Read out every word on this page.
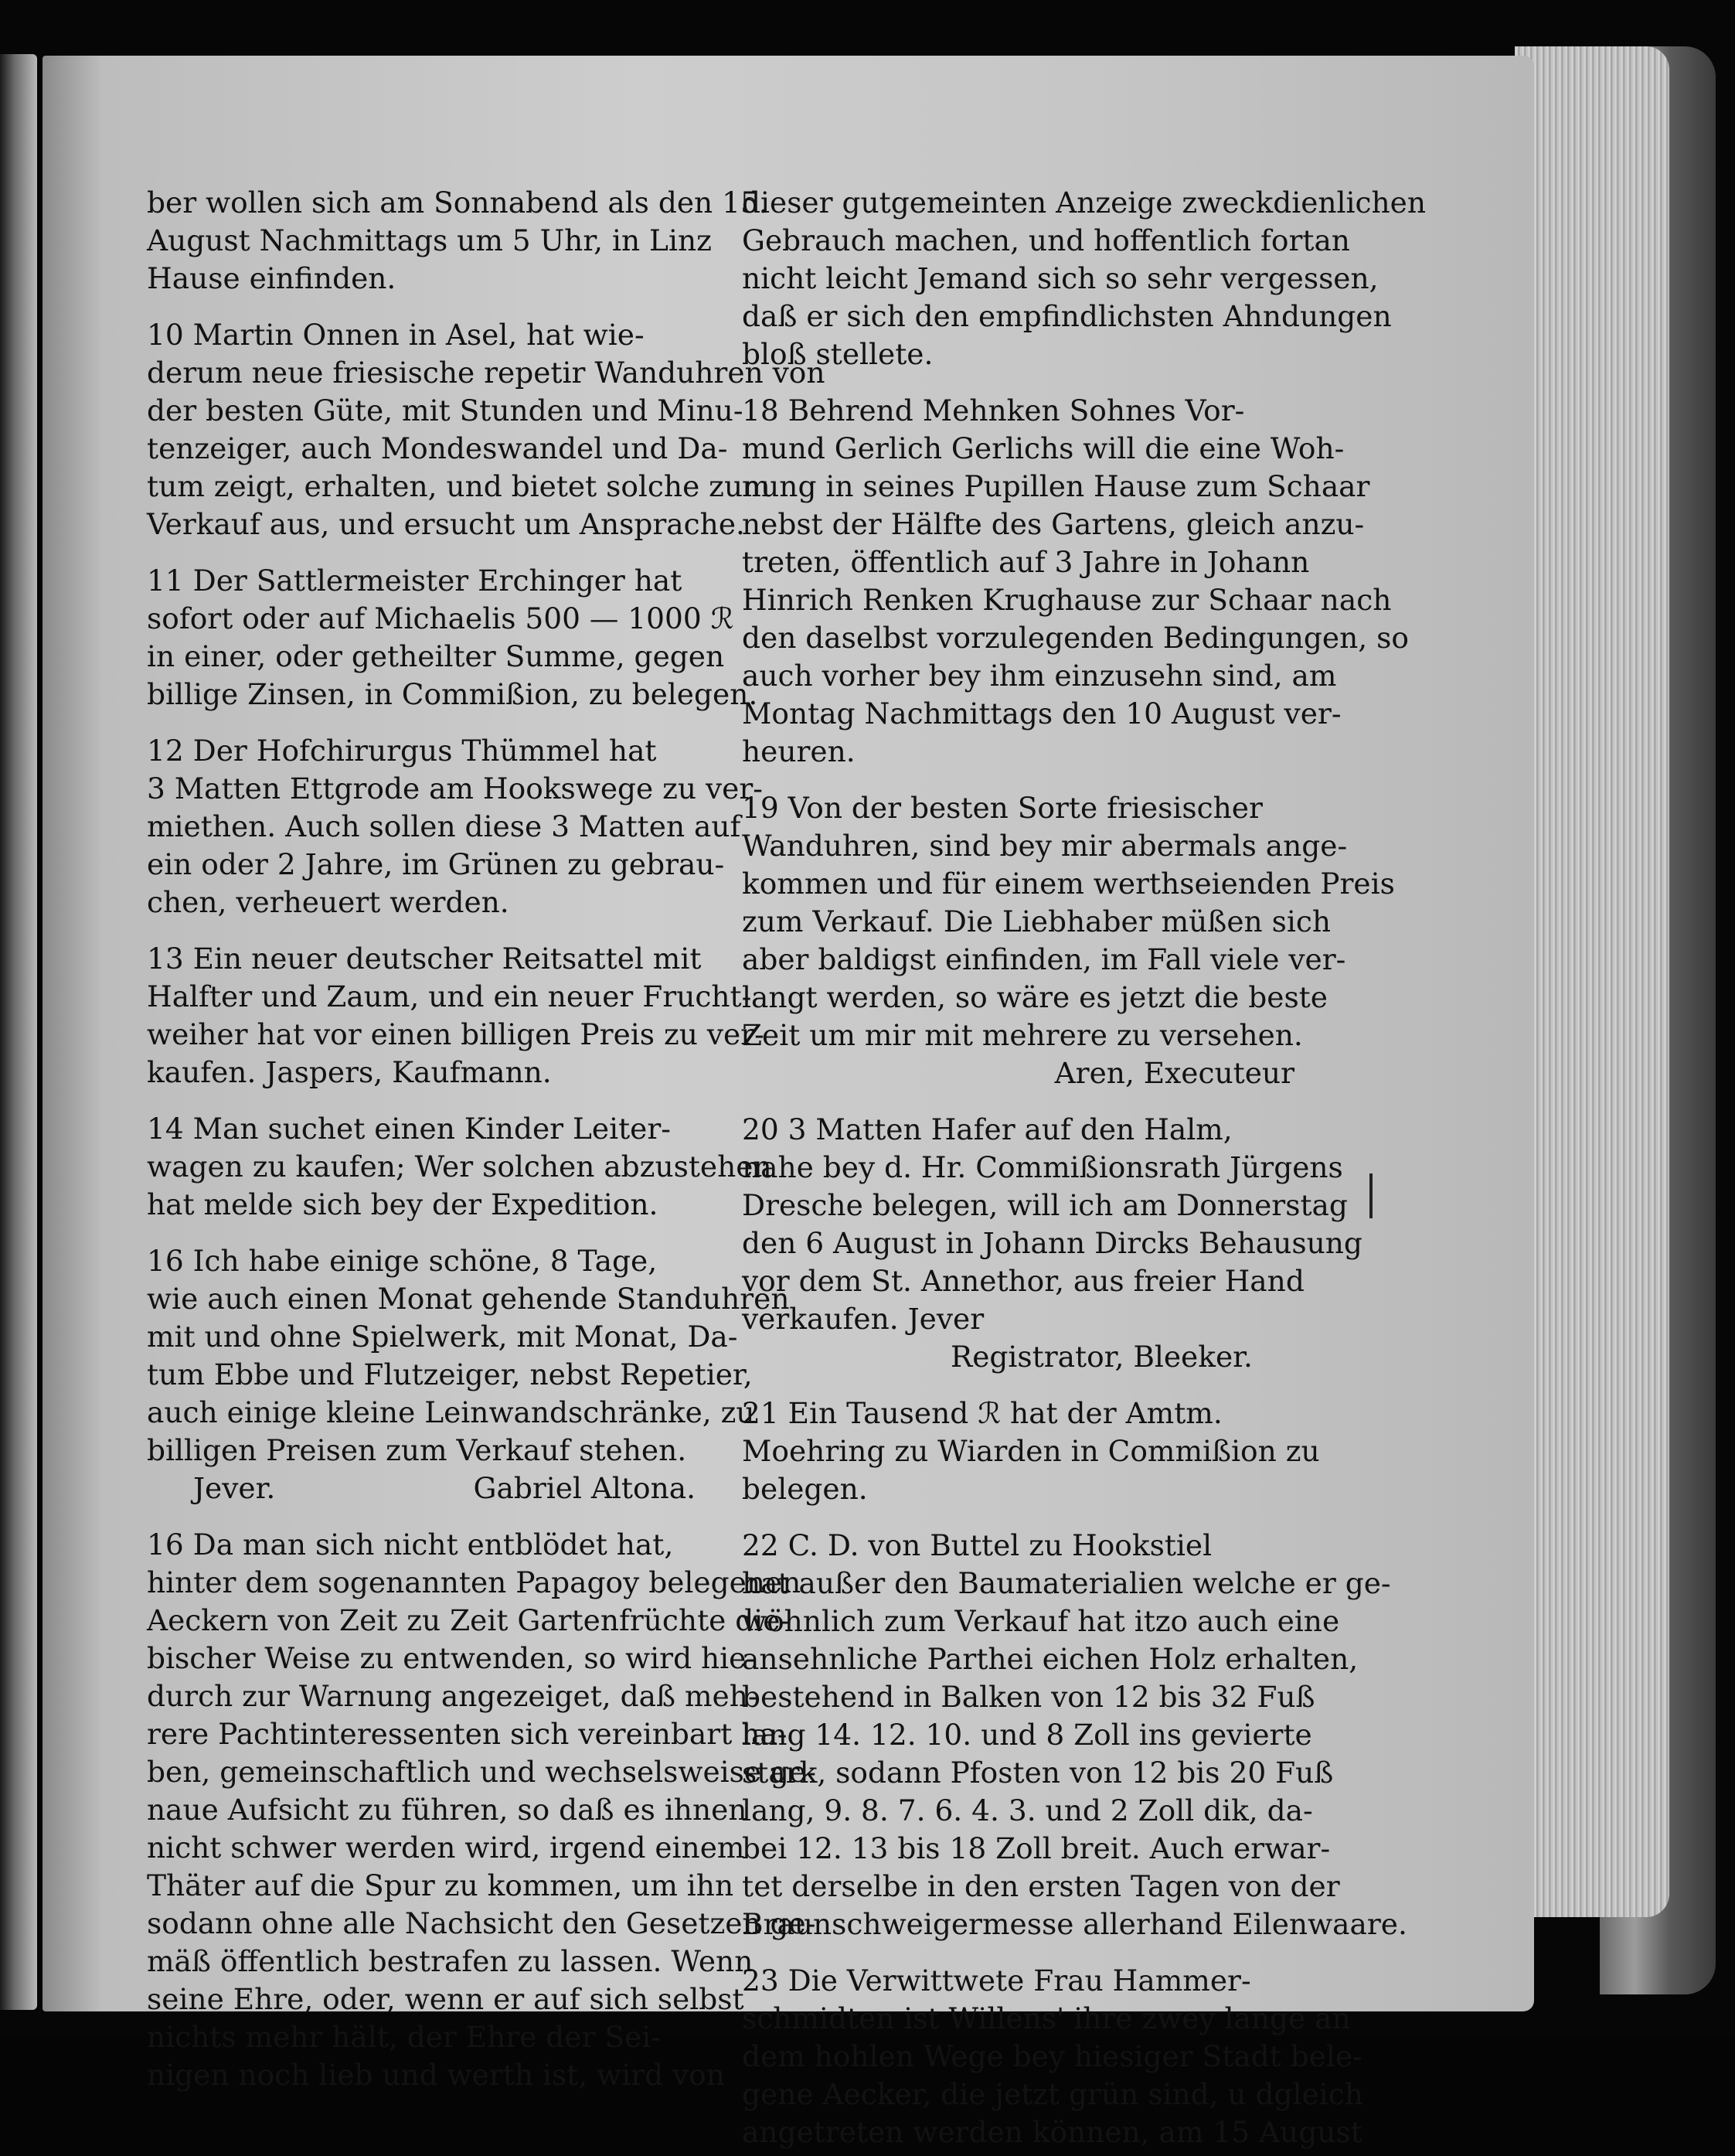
ber wollen sich am Sonnabend als den 15.
August Nachmittags um 5 Uhr, in Linz
Hause einfinden.
10 Martin Onnen in Asel, hat wie-
derum neue friesische repetir Wanduhren von
der besten Güte, mit Stunden und Minu-
tenzeiger, auch Mondeswandel und Da-
tum zeigt, erhalten, und bietet solche zum
Verkauf aus, und ersucht um Ansprache.
11 Der Sattlermeister Erchinger hat
sofort oder auf Michaelis 500 — 1000 ℛ
in einer, oder getheilter Summe, gegen
billige Zinsen, in Commißion, zu belegen.
12 Der Hofchirurgus Thümmel hat
3 Matten Ettgrode am Hookswege zu ver-
miethen. Auch sollen diese 3 Matten auf
ein oder 2 Jahre, im Grünen zu gebrau-
chen, verheuert werden.
13 Ein neuer deutscher Reitsattel mit
Halfter und Zaum, und ein neuer Frucht-
weiher hat vor einen billigen Preis zu ver-
kaufen. Jaspers, Kaufmann.
14 Man suchet einen Kinder Leiter-
wagen zu kaufen; Wer solchen abzustehen
hat melde sich bey der Expedition.
16 Ich habe einige schöne, 8 Tage,
wie auch einen Monat gehende Standuhren
mit und ohne Spielwerk, mit Monat, Da-
tum Ebbe und Flutzeiger, nebst Repetier,
auch einige kleine Leinwandschränke, zu
billigen Preisen zum Verkauf stehen.
Jever.	Gabriel Altona.
16 Da man sich nicht entblödet hat,
hinter dem sogenannten Papagoy belegenen
Aeckern von Zeit zu Zeit Gartenfrüchte die-
bischer Weise zu entwenden, so wird hie-
durch zur Warnung angezeiget, daß meh-
rere Pachtinteressenten sich vereinbart ha-
ben, gemeinschaftlich und wechselsweise ge-
naue Aufsicht zu führen, so daß es ihnen
nicht schwer werden wird, irgend einem
Thäter auf die Spur zu kommen, um ihn
sodann ohne alle Nachsicht den Gesetzen ge-
mäß öffentlich bestrafen zu lassen. Wenn
seine Ehre, oder, wenn er auf sich selbst
nichts mehr hält, der Ehre der Sei-
nigen noch lieb und werth ist, wird von
dieser gutgemeinten Anzeige zweckdienlichen
Gebrauch machen, und hoffentlich fortan
nicht leicht Jemand sich so sehr vergessen,
daß er sich den empfindlichsten Ahndungen
bloß stellete.
18 Behrend Mehnken Sohnes Vor-
mund Gerlich Gerlichs will die eine Woh-
nung in seines Pupillen Hause zum Schaar
nebst der Hälfte des Gartens, gleich anzu-
treten, öffentlich auf 3 Jahre in Johann
Hinrich Renken Krughause zur Schaar nach
den daselbst vorzulegenden Bedingungen, so
auch vorher bey ihm einzusehn sind, am
Montag Nachmittags den 10 August ver-
heuren.
19 Von der besten Sorte friesischer
Wanduhren, sind bey mir abermals ange-
kommen und für einem werthseienden Preis
zum Verkauf. Die Liebhaber müßen sich
aber baldigst einfinden, im Fall viele ver-
langt werden, so wäre es jetzt die beste
Zeit um mir mit mehrere zu versehen.
Aren, Executeur
20 3 Matten Hafer auf den Halm,
nahe bey d. Hr. Commißionsrath Jürgens
Dresche belegen, will ich am Donnerstag
den 6 August in Johann Dircks Behausung
vor dem St. Annethor, aus freier Hand
verkaufen. Jever
Registrator, Bleeker.
21 Ein Tausend ℛ hat der Amtm.
Moehring zu Wiarden in Commißion zu
belegen.
22 C. D. von Buttel zu Hookstiel
hat außer den Baumaterialien welche er ge-
wöhnlich zum Verkauf hat itzo auch eine
ansehnliche Parthei eichen Holz erhalten,
bestehend in Balken von 12 bis 32 Fuß
lang 14. 12. 10. und 8 Zoll ins gevierte
stark, sodann Pfosten von 12 bis 20 Fuß
lang, 9. 8. 7. 6. 4. 3. und 2 Zoll dik, da-
bei 12. 13 bis 18 Zoll breit. Auch erwar-
tet derselbe in den ersten Tagen von der
Braunschweigermesse allerhand Eilenwaare.
23 Die Verwittwete Frau Hammer-
schmidten ist Willens' ihre zwey lange an
dem hohlen Wege bey hiesiger Stadt bele-
gene Aecker, die jetzt grün sind, u dgleich
angetreten werden können, am 15 August
